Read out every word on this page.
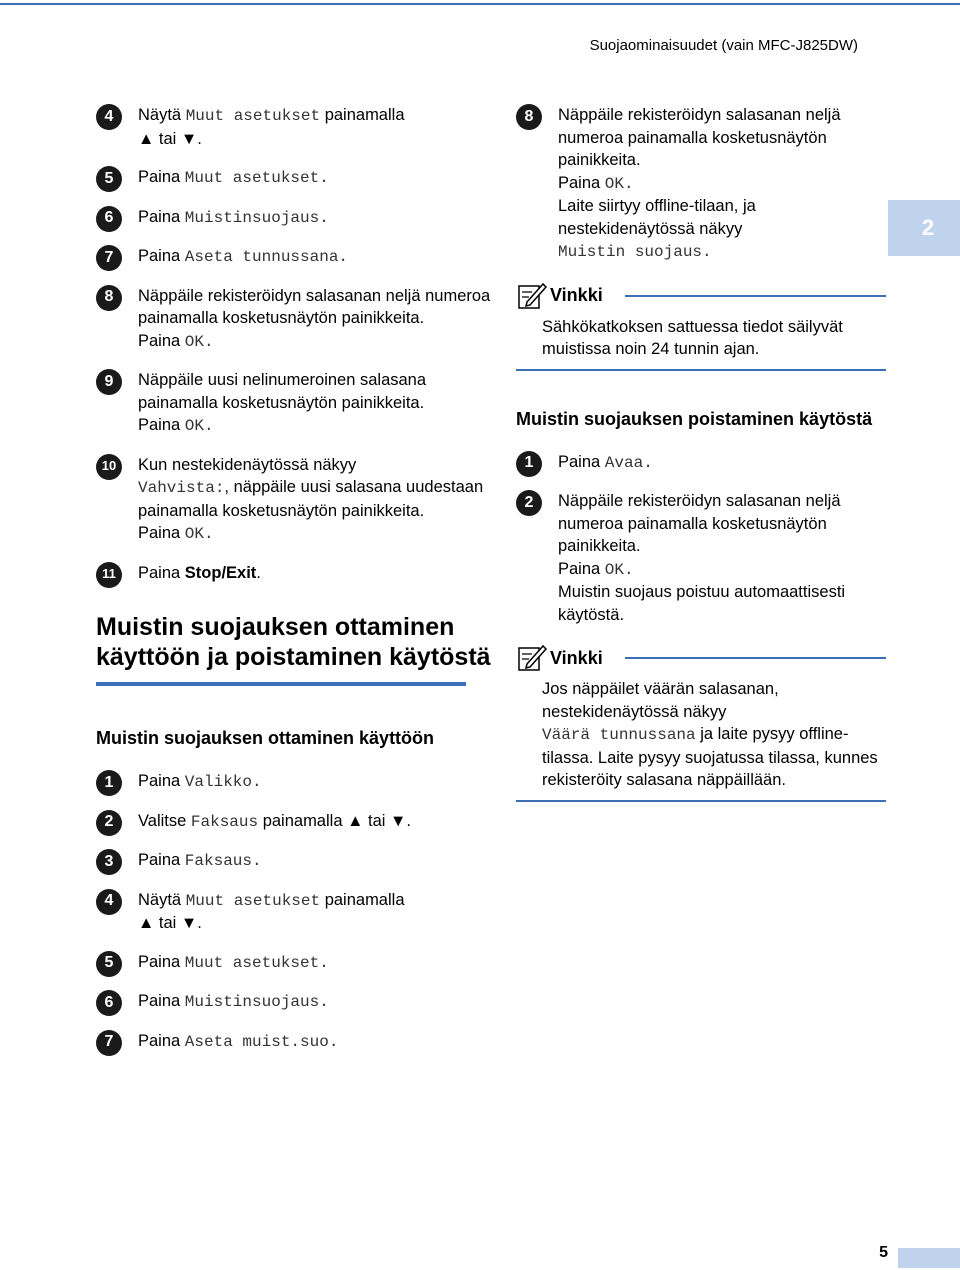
Suojaominaisuudet (vain MFC-J825DW)
2
4	Näytä Muut asetukset painamalla
▲ tai ▼.
5	Paina Muut asetukset.
6	Paina Muistinsuojaus.
7	Paina Aseta tunnussana.
8	Näppäile rekisteröidyn salasanan neljä numeroa painamalla kosketusnäytön painikkeita.
Paina OK.
9	Näppäile uusi nelinumeroinen salasana painamalla kosketusnäytön painikkeita.
Paina OK.
10	Kun nestekidenäytössä näkyy
Vahvista:, näppäile uusi salasana uudestaan painamalla kosketusnäytön painikkeita.
Paina OK.
11	Paina Stop/Exit.
Muistin suojauksen ottaminen käyttöön ja poistaminen käytöstä
Muistin suojauksen ottaminen käyttöön
1	Paina Valikko.
2	Valitse Faksaus painamalla ▲ tai ▼.
3	Paina Faksaus.
4	Näytä Muut asetukset painamalla
▲ tai ▼.
5	Paina Muut asetukset.
6	Paina Muistinsuojaus.
7	Paina Aseta muist.suo.
8	Näppäile rekisteröidyn salasanan neljä numeroa painamalla kosketusnäytön painikkeita.
Paina OK.
Laite siirtyy offline-tilaan, ja nestekidenäytössä näkyy
Muistin suojaus.
Vinkki
Sähkökatkoksen sattuessa tiedot säilyvät muistissa noin 24 tunnin ajan.
Muistin suojauksen poistaminen käytöstä
1	Paina Avaa.
2	Näppäile rekisteröidyn salasanan neljä numeroa painamalla kosketusnäytön painikkeita.
Paina OK.
Muistin suojaus poistuu automaattisesti käytöstä.
Vinkki
Jos näppäilet väärän salasanan, nestekidenäytössä näkyy
Väärä tunnussana ja laite pysyy offline-tilassa. Laite pysyy suojatussa tilassa, kunnes rekisteröity salasana näppäillään.
5
